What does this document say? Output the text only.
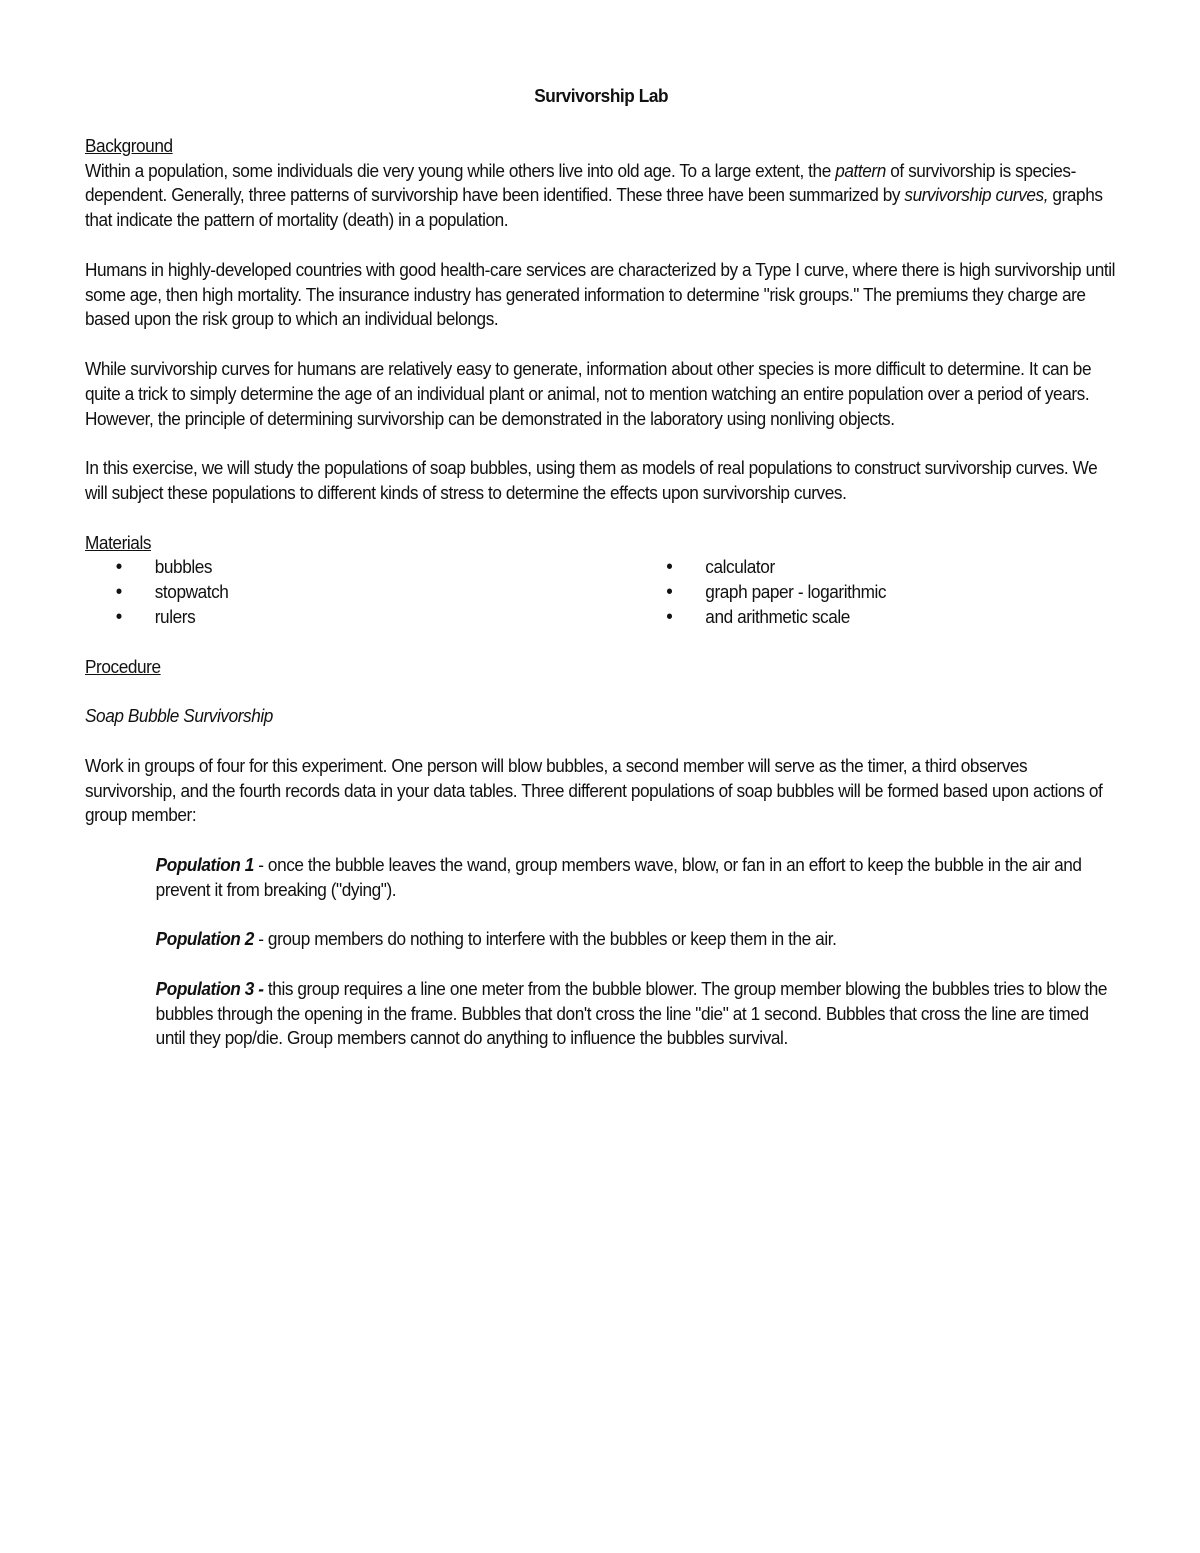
Survivorship Lab

Background

Within a population, some individuals die very young while others live into old age. To a large extent, the pattern of survivorship is species-dependent. Generally, three patterns of survivorship have been identified. These three have been summarized by survivorship curves, graphs that indicate the pattern of mortality (death) in a population.

Humans in highly-developed countries with good health-care services are characterized by a Type I curve, where there is high survivorship until some age, then high mortality. The insurance industry has generated information to determine "risk groups." The premiums they charge are based upon the risk group to which an individual belongs.

While survivorship curves for humans are relatively easy to generate, information about other species is more difficult to determine. It can be quite a trick to simply determine the age of an individual plant or animal, not to mention watching an entire population over a period of years. However, the principle of determining survivorship can be demonstrated in the laboratory using nonliving objects.

In this exercise, we will study the populations of soap bubbles, using them as models of real populations to construct survivorship curves. We will subject these populations to different kinds of stress to determine the effects upon survivorship curves.

Materials

• bubbles
• stopwatch
• rulers
• calculator
• graph paper - logarithmic
• and arithmetic scale

Procedure

Soap Bubble Survivorship

Work in groups of four for this experiment. One person will blow bubbles, a second member will serve as the timer, a third observes survivorship, and the fourth records data in your data tables. Three different populations of soap bubbles will be formed based upon actions of group member:

Population 1 - once the bubble leaves the wand, group members wave, blow, or fan in an effort to keep the bubble in the air and prevent it from breaking ("dying").

Population 2 - group members do nothing to interfere with the bubbles or keep them in the air.

Population 3 - this group requires a line one meter from the bubble blower. The group member blowing the bubbles tries to blow the bubbles through the opening in the frame. Bubbles that don't cross the line "die" at 1 second. Bubbles that cross the line are timed until they pop/die. Group members cannot do anything to influence the bubbles survival.
